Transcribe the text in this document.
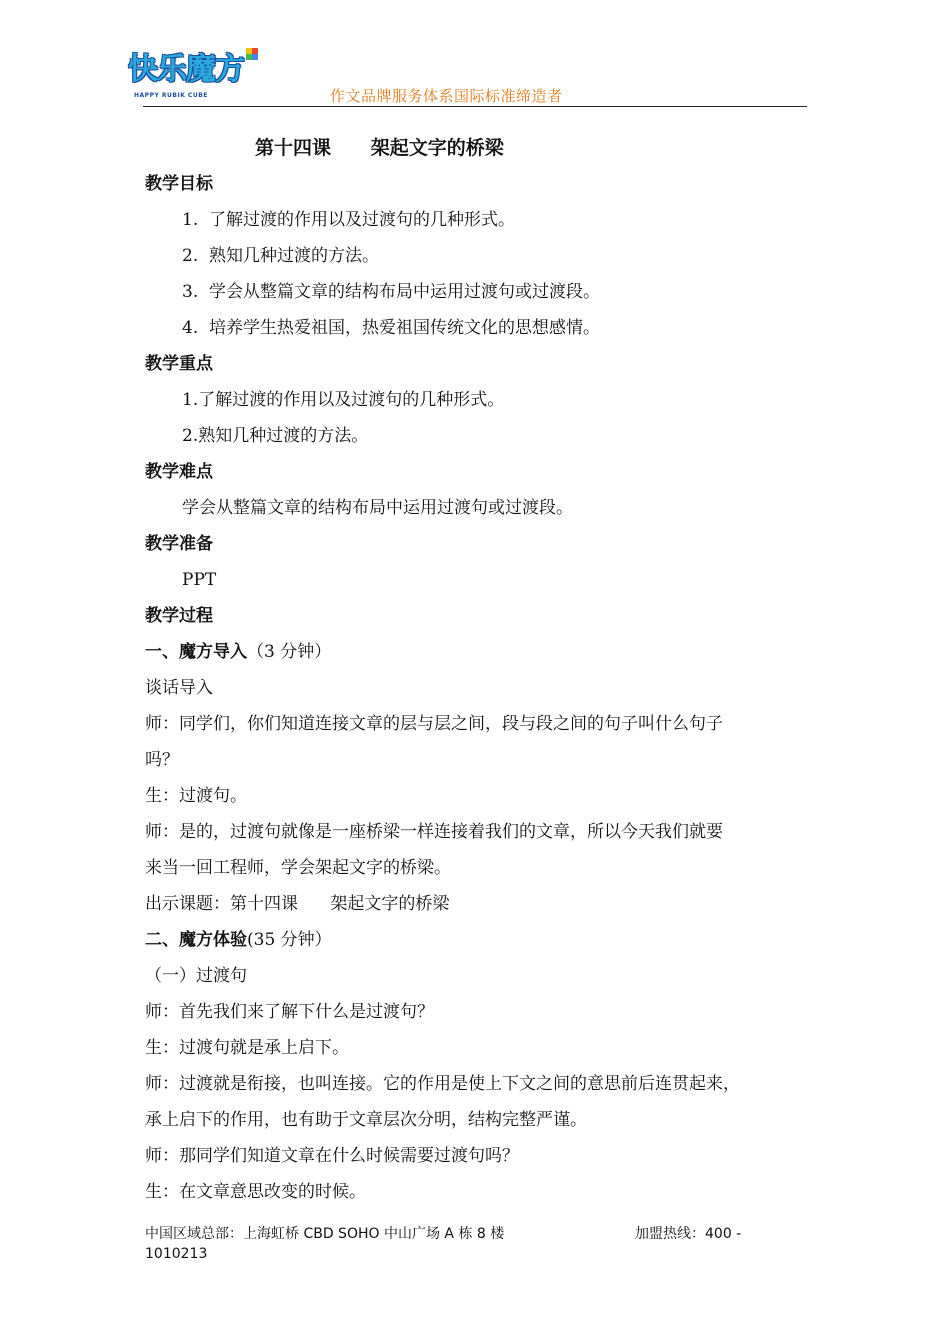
快乐魔方
HAPPY RUBIK CUBE	作文品牌服务体系国际标准缔造者
第十四课      架起文字的桥梁
教学目标
1.  了解过渡的作用以及过渡句的几种形式。
2.  熟知几种过渡的方法。
3.  学会从整篇文章的结构布局中运用过渡句或过渡段。
4.  培养学生热爱祖国，热爱祖国传统文化的思想感情。
教学重点
1.了解过渡的作用以及过渡句的几种形式。
2.熟知几种过渡的方法。
教学难点
学会从整篇文章的结构布局中运用过渡句或过渡段。
教学准备
PPT
教学过程
一、魔方导入（3 分钟）
谈话导入
师：同学们，你们知道连接文章的层与层之间，段与段之间的句子叫什么句子
吗？
生：过渡句。
师：是的，过渡句就像是一座桥梁一样连接着我们的文章，所以今天我们就要
来当一回工程师，学会架起文字的桥梁。
出示课题：第十四课      架起文字的桥梁
二、魔方体验(35 分钟）
（一）过渡句
师：首先我们来了解下什么是过渡句？
生：过渡句就是承上启下。
师：过渡就是衔接，也叫连接。它的作用是使上下文之间的意思前后连贯起来，
承上启下的作用，也有助于文章层次分明，结构完整严谨。
师：那同学们知道文章在什么时候需要过渡句吗？
生：在文章意思改变的时候。
中国区域总部：上海虹桥 CBD SOHO 中山广场 A 栋 8 楼	加盟热线：400 -
1010213
